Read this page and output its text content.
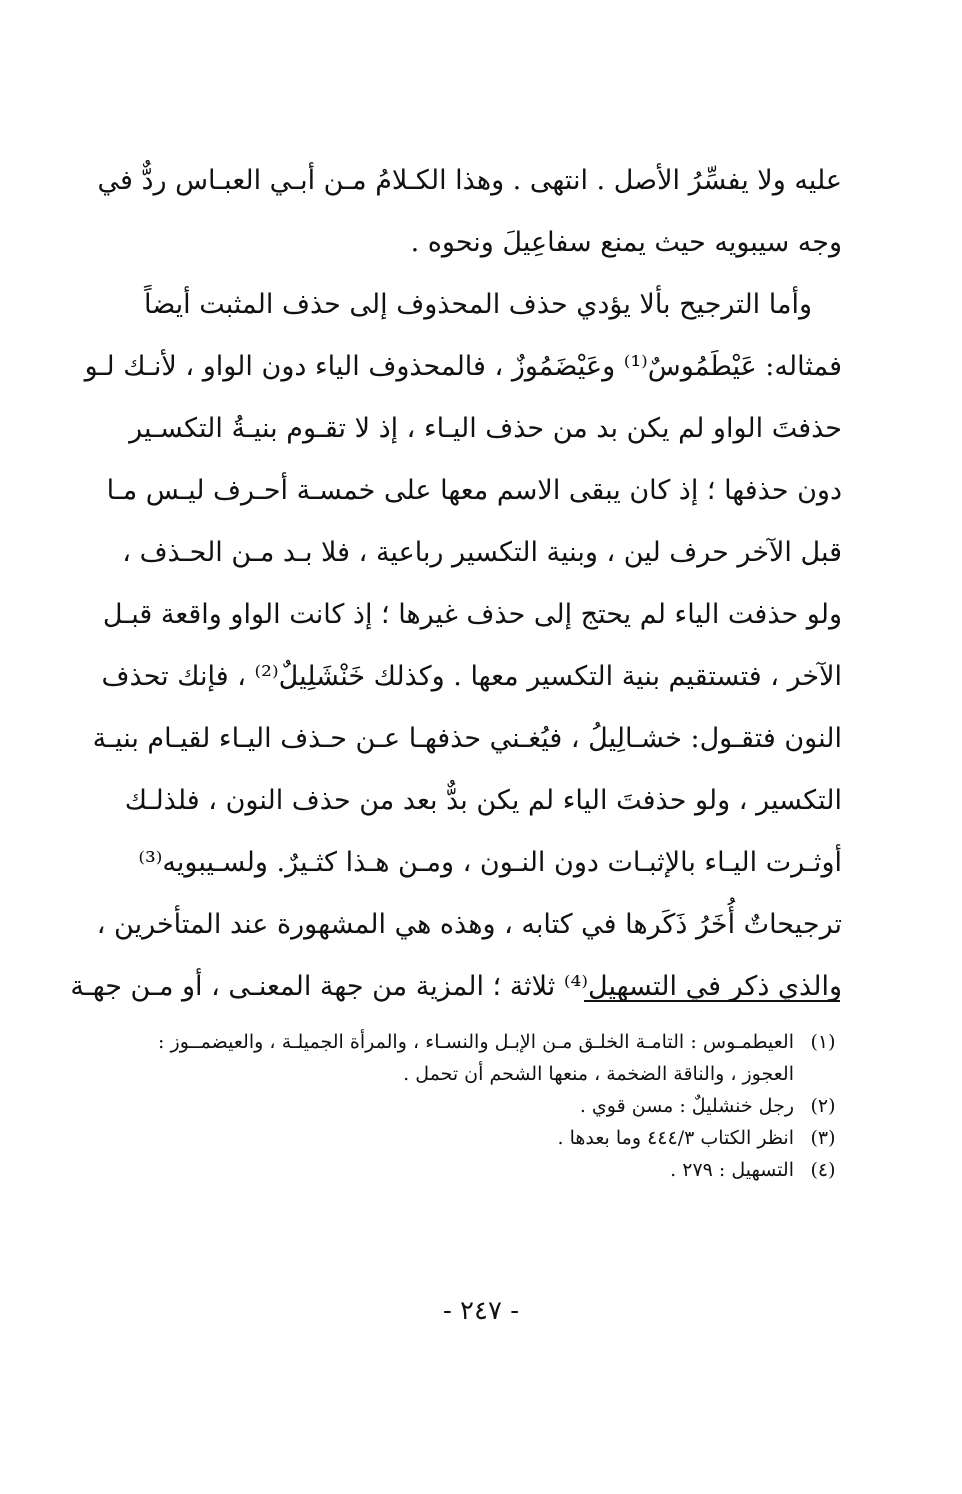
عليه ولا يفسِّرُ الأصل . انتهى . وهذا الكـلامُ مـن أبـي العبـاس ردٌّ في
وجه سيبويه حيث يمنع سفاعِيلَ ونحوه .
وأما الترجيح بألا يؤدي حذف المحذوف إلى حذف المثبت أيضاً
فمثاله: عَيْطَمُوسٌ⁽¹⁾ وعَيْضَمُوزٌ ، فالمحذوف الياء دون الواو ، لأنـك لـو
حذفتَ الواو لم يكن بد من حذف اليـاء ، إذ لا تقـوم بنيـةُ التكسـير
دون حذفها ؛ إذ كان يبقى الاسم معها على خمسـة أحـرف ليـس مـا
قبل الآخر حرف لين ، وبنية التكسير رباعية ، فلا بـد مـن الحـذف ،
ولو حذفت الياء لم يحتج إلى حذف غيرها ؛ إذ كانت الواو واقعة قبـل
الآخر ، فتستقيم بنية التكسير معها . وكذلك خَنْشَلِيلٌ⁽²⁾ ، فإنك تحذف
النون فتقـول: خشـالِيلُ ، فيُغـني حذفهـا عـن حـذف اليـاء لقيـام بنيـة
التكسير ، ولو حذفتَ الياء لم يكن بدٌّ بعد من حذف النون ، فلذلـك
أوثـرت اليـاء بالإثبـات دون النـون ، ومـن هـذا كثـيرٌ. ولسـيبويه⁽³⁾
ترجيحاتٌ أُخَرُ ذَكَرها في كتابه ، وهذه هي المشهورة عند المتأخرين ،
والذي ذكر في التسهيل⁽⁴⁾ ثلاثة ؛ المزية من جهة المعنـى ، أو مـن جهـة
(١)
العيطمـوس : التامـة الخلـق مـن الإبـل والنسـاء ، والمرأة الجميلـة ، والعيضمــوز :
العجوز ، والناقة الضخمة ، منعها الشحم أن تحمل .
(٢)
رجل خنشليلٌ : مسن قوي .
(٣)
انظر الكتاب ٤٤٤/٣ وما بعدها .
(٤)
التسهيل : ٢٧٩ .
- ٢٤٧ -
